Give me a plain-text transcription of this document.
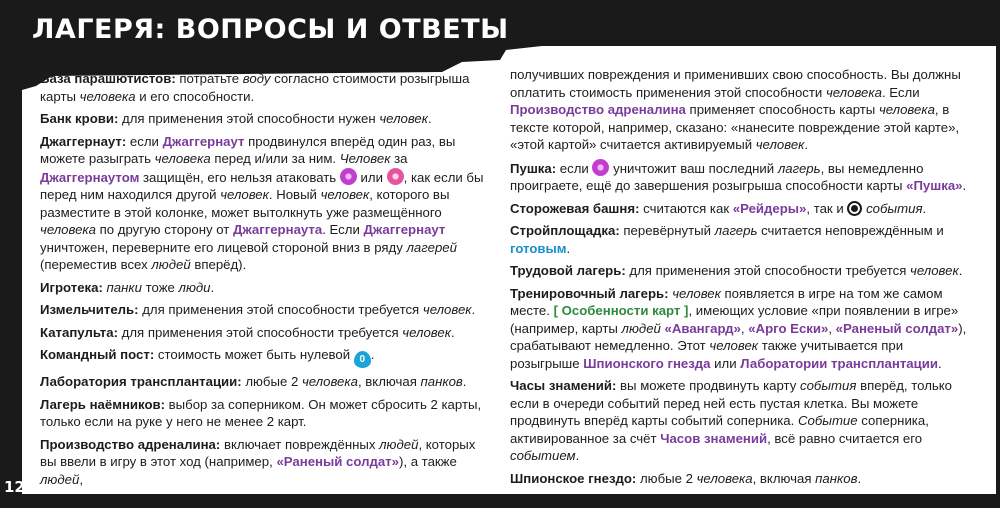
ЛАГЕРЯ: ВОПРОСЫ И ОТВЕТЫ

База парашютистов: потратьте воду согласно стоимости розыгрыша карты человека и его способности.

Банк крови: для применения этой способности нужен человек.

Джаггернаут: если Джаггернаут продвинулся вперёд один раз, вы можете разыграть человека перед и/или за ним. Человек за Джаггернаутом защищён, его нельзя атаковать  или , как если бы перед ним находился другой человек. Новый человек, которого вы разместите в этой колонке, может вытолкнуть уже размещённого человека по другую сторону от Джаггернаута. Если Джаггернаут уничтожен, переверните его лицевой стороной вниз в ряду лагерей (переместив всех людей вперёд).

Игротека: панки тоже люди.

Измельчитель: для применения этой способности требуется человек.

Катапульта: для применения этой способности требуется человек.

Командный пост: стоимость может быть нулевой 0 .

Лаборатория трансплантации: любые 2 человека, включая панков.

Лагерь наёмников: выбор за соперником. Он может сбросить 2 карты, только если на руке у него не менее 2 карт.

Производство адреналина: включает повреждённых людей, которых вы ввели в игру в этот ход (например, «Раненый солдат»), а также людей,

получивших повреждения и применивших свою способность. Вы должны оплатить стоимость применения этой способности человека. Если Производство адреналина применяет способность карты человека, в тексте которой, например, сказано: «нанесите повреждение этой карте», «этой картой» считается активируемый человек.

Пушка: если  уничтожит ваш последний лагерь, вы немедленно проиграете, ещё до завершения розыгрыша способности карты «Пушка».

Сторожевая башня: считаются как «Рейдеры», так и  события.

Стройплощадка: перевёрнутый лагерь считается неповреждённым и готовым.

Трудовой лагерь: для применения этой способности требуется человек.

Тренировочный лагерь: человек появляется в игре на том же самом месте. [ Особенности карт ], имеющих условие «при появлении в игре» (например, карты людей «Авангард», «Арго Ески», «Раненый солдат»), срабатывают немедленно. Этот человек также учитывается при розыгрыше Шпионского гнезда или Лаборатории трансплантации.

Часы знамений: вы можете продвинуть карту события вперёд, только если в очереди событий перед ней есть пустая клетка. Вы можете продвинуть вперёд карты событий соперника. Событие соперника, активированное за счёт Часов знамений, всё равно считается его событием.

Шпионское гнездо: любые 2 человека, включая панков.

12
